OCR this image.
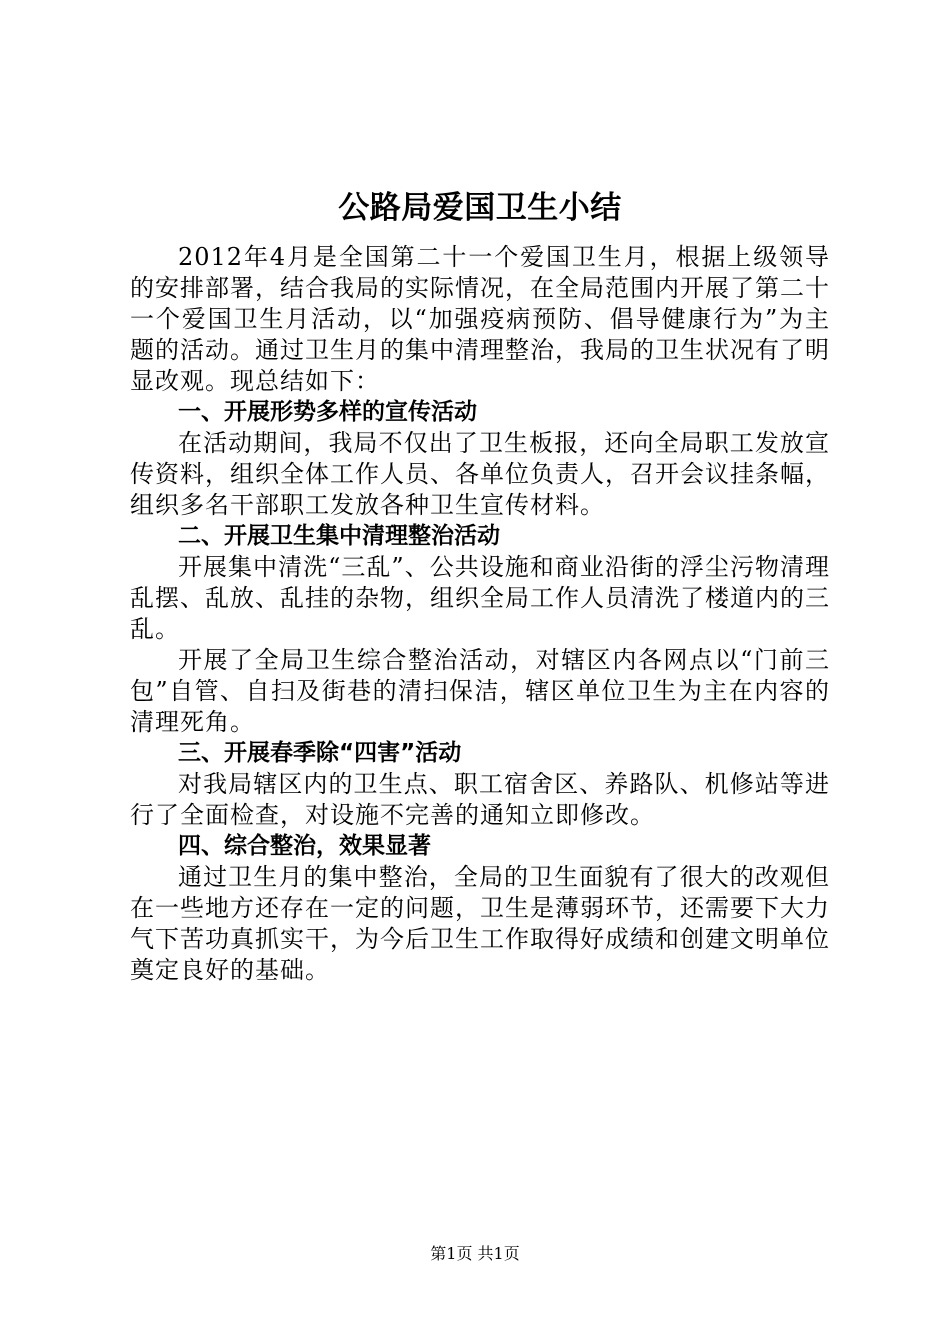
公路局爱国卫生小结

2012年4月是全国第二十一个爱国卫生月，根据上级领导的安排部署，结合我局的实际情况，在全局范围内开展了第二十一个爱国卫生月活动，以“加强疫病预防、倡导健康行为”为主题的活动。通过卫生月的集中清理整治，我局的卫生状况有了明显改观。现总结如下：

一、开展形势多样的宣传活动

在活动期间，我局不仅出了卫生板报，还向全局职工发放宣传资料，组织全体工作人员、各单位负责人，召开会议挂条幅，组织多名干部职工发放各种卫生宣传材料。

二、开展卫生集中清理整治活动

开展集中清洗“三乱”、公共设施和商业沿街的浮尘污物清理乱摆、乱放、乱挂的杂物，组织全局工作人员清洗了楼道内的三乱。

开展了全局卫生综合整治活动，对辖区内各网点以“门前三包”自管、自扫及街巷的清扫保洁，辖区单位卫生为主在内容的清理死角。

三、开展春季除“四害”活动

对我局辖区内的卫生点、职工宿舍区、养路队、机修站等进行了全面检查，对设施不完善的通知立即修改。

四、综合整治，效果显著

通过卫生月的集中整治，全局的卫生面貌有了很大的改观但在一些地方还存在一定的问题，卫生是薄弱环节，还需要下大力气下苦功真抓实干，为今后卫生工作取得好成绩和创建文明单位奠定良好的基础。

第1页 共1页
